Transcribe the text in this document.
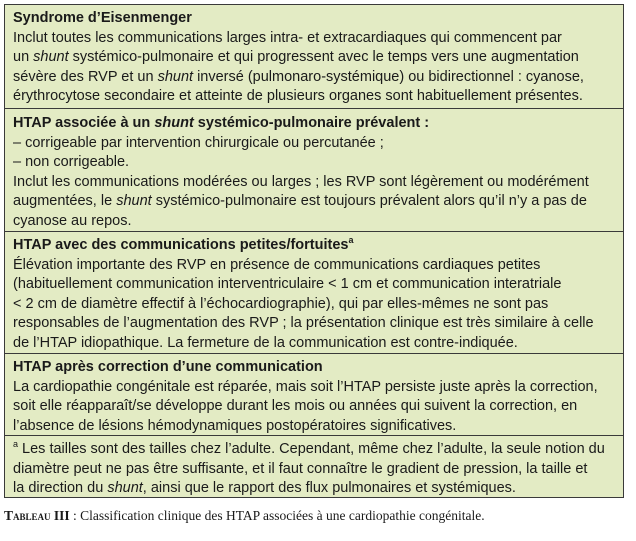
Syndrome d’Eisenmenger
Inclut toutes les communications larges intra- et extracardiaques qui commencent par
un shunt systémico-pulmonaire et qui progressent avec le temps vers une augmentation
sévère des RVP et un shunt inversé (pulmonaro-systémique) ou bidirectionnel : cyanose,
érythrocytose secondaire et atteinte de plusieurs organes sont habituellement présentes.
HTAP associée à un shunt systémico-pulmonaire prévalent :
– corrigeable par intervention chirurgicale ou percutanée ;
– non corrigeable.
Inclut les communications modérées ou larges ; les RVP sont légèrement ou modérément
augmentées, le shunt systémico-pulmonaire est toujours prévalent alors qu’il n’y a pas de
cyanose au repos.
HTAP avec des communications petites/fortuites$^a$
Élévation importante des RVP en présence de communications cardiaques petites
(habituellement communication interventriculaire < 1 cm et communication interatriale
< 2 cm de diamètre effectif à l’échocardiographie), qui par elles-mêmes ne sont pas
responsables de l’augmentation des RVP ; la présentation clinique est très similaire à celle
de l’HTAP idiopathique. La fermeture de la communication est contre-indiquée.
HTAP après correction d’une communication
La cardiopathie congénitale est réparée, mais soit l’HTAP persiste juste après la correction,
soit elle réapparaît/se développe durant les mois ou années qui suivent la correction, en
l’absence de lésions hémodynamiques postopératoires significatives.
$^a$ Les tailles sont des tailles chez l’adulte. Cependant, même chez l’adulte, la seule notion du
diamètre peut ne pas être suffisante, et il faut connaître le gradient de pression, la taille et
la direction du shunt, ainsi que le rapport des flux pulmonaires et systémiques.
Tableau III : Classification clinique des HTAP associées à une cardiopathie congénitale.
